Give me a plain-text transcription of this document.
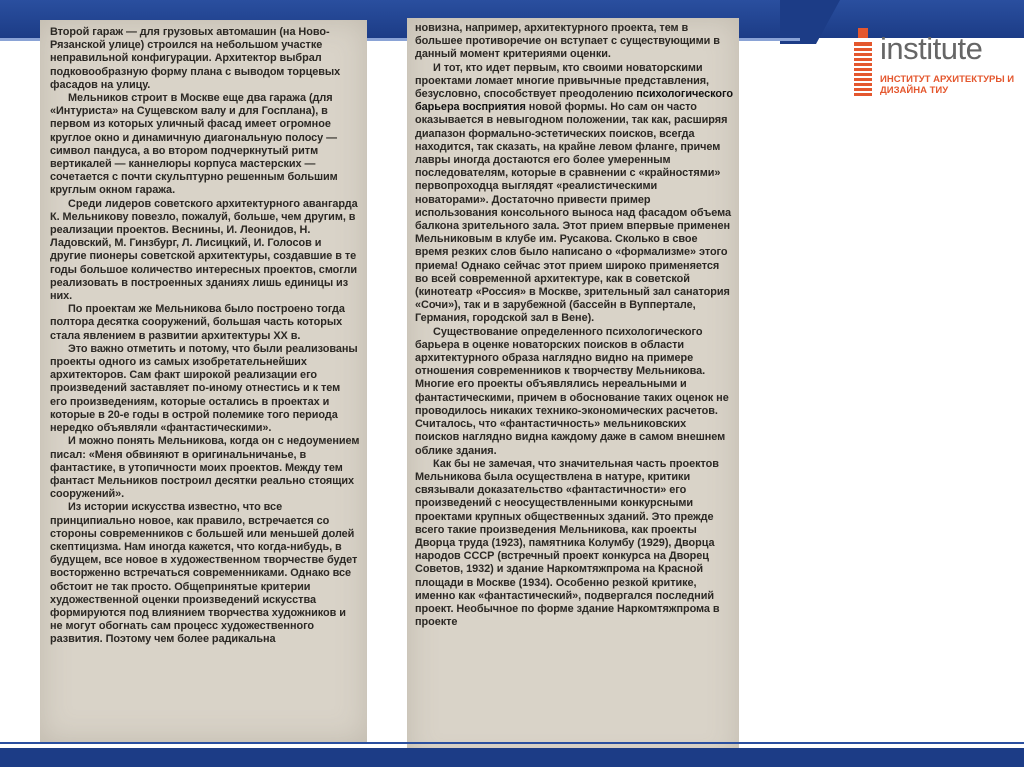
institute
ИНСТИТУТ АРХИТЕКТУРЫ И ДИЗАЙНА ТИУ

Второй гараж — для грузовых автомашин (на Ново-Рязанской улице) строился на небольшом участке неправильной конфигурации. Архитектор выбрал подковообразную форму плана с выводом торцевых фасадов на улицу.

Мельников строит в Москве еще два гаража (для «Интуриста» на Сущевском валу и для Госплана), в первом из которых уличный фасад имеет огромное круглое окно и динамичную диагональную полосу — символ пандуса, а во втором подчеркнутый ритм вертикалей — каннелюры корпуса мастерских — сочетается с почти скульптурно решенным большим круглым окном гаража.

Среди лидеров советского архитектурного авангарда К. Мельникову повезло, пожалуй, больше, чем другим, в реализации проектов. Веснины, И. Леонидов, Н. Ладовский, М. Гинзбург, Л. Лисицкий, И. Голосов и другие пионеры советской архитектуры, создавшие в те годы большое количество интересных проектов, смогли реализовать в построенных зданиях лишь единицы из них.

По проектам же Мельникова было построено тогда полтора десятка сооружений, большая часть которых стала явлением в развитии архитектуры XX в.

Это важно отметить и потому, что были реализованы проекты одного из самых изобретательнейших архитекторов. Сам факт широкой реализации его произведений заставляет по-иному отнестись и к тем его произведениям, которые остались в проектах и которые в 20-е годы в острой полемике того периода нередко объявляли «фантастическими».

И можно понять Мельникова, когда он с недоумением писал: «Меня обвиняют в оригинальничанье, в фантастике, в утопичности моих проектов. Между тем фантаст Мельников построил десятки реально стоящих сооружений».

Из истории искусства известно, что все принципиально новое, как правило, встречается со стороны современников с большей или меньшей долей скептицизма. Нам иногда кажется, что когда-нибудь, в будущем, все новое в художественном творчестве будет восторженно встречаться современниками. Однако все обстоит не так просто. Общепринятые критерии художественной оценки произведений искусства формируются под влиянием творчества художников и не могут обогнать сам процесс художественного развития. Поэтому чем более радикальна

новизна, например, архитектурного проекта, тем в большее противоречие он вступает с существующими в данный момент критериями оценки.

И тот, кто идет первым, кто своими новаторскими проектами ломает многие привычные представления, безусловно, способствует преодолению психологического барьера восприятия новой формы. Но сам он часто оказывается в невыгодном положении, так как, расширяя диапазон формально-эстетических поисков, всегда находится, так сказать, на крайне левом фланге, причем лавры иногда достаются его более умеренным последователям, которые в сравнении с «крайностями» первопроходца выглядят «реалистическими новаторами». Достаточно привести пример использования консольного выноса над фасадом объема балкона зрительного зала. Этот прием впервые применен Мельниковым в клубе им. Русакова. Сколько в свое время резких слов было написано о «формализме» этого приема! Однако сейчас этот прием широко применяется во всей современной архитектуре, как в советской (кинотеатр «Россия» в Москве, зрительный зал санатория «Сочи»), так и в зарубежной (бассейн в Вуппертале, Германия, городской зал в Вене).

Существование определенного психологического барьера в оценке новаторских поисков в области архитектурного образа наглядно видно на примере отношения современников к творчеству Мельникова. Многие его проекты объявлялись нереальными и фантастическими, причем в обоснование таких оценок не проводилось никаких технико-экономических расчетов. Считалось, что «фантастичность» мельниковских поисков наглядно видна каждому даже в самом внешнем облике здания.

Как бы не замечая, что значительная часть проектов Мельникова была осуществлена в натуре, критики связывали доказательство «фантастичности» его произведений с неосуществленными конкурсными проектами крупных общественных зданий. Это прежде всего такие произведения Мельникова, как проекты Дворца труда (1923), памятника Колумбу (1929), Дворца народов СССР (встречный проект конкурса на Дворец Советов, 1932) и здание Наркомтяжпрома на Красной площади в Москве (1934). Особенно резкой критике, именно как «фантастический», подвергался последний проект. Необычное по форме здание Наркомтяжпрома в проекте
